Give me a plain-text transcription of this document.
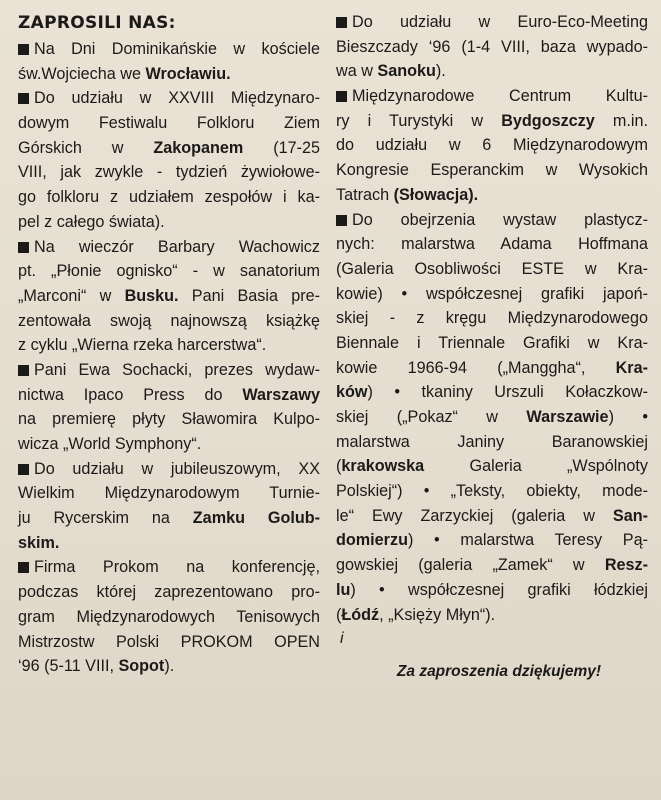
ZAPROSILI NAS:
Na Dni Dominikańskie w kościele
św.Wojciecha we Wrocławiu.
Do udziału w XXVIII Międzynaro-
dowym Festiwalu Folkloru Ziem
Górskich w Zakopanem (17-25
VIII, jak zwykle - tydzień żywiołowe-
go folkloru z udziałem zespołów i ka-
pel z całego świata).
Na wieczór Barbary Wachowicz
pt. „Płonie ognisko“ - w sanatorium
„Marconi“ w Busku. Pani Basia pre-
zentowała swoją najnowszą książkę
z cyklu „Wierna rzeka harcerstwa“.
Pani Ewa Sochacki, prezes wydaw-
nictwa Ipaco Press do Warszawy
na premierę płyty Sławomira Kulpo-
wicza „World Symphony“.
Do udziału w jubileuszowym, XX
Wielkim Międzynarodowym Turnie-
ju Rycerskim na Zamku Golub-
skim.
Firma Prokom na konferencję,
podczas której zaprezentowano pro-
gram Międzynarodowych Tenisowych
Mistrzostw Polski PROKOM OPEN
‘96 (5-11 VIII, Sopot).
Do udziału w Euro-Eco-Meeting
Bieszczady ‘96 (1-4 VIII, baza wypado-
wa w Sanoku).
Międzynarodowe Centrum Kultu-
ry i Turystyki w Bydgoszczy m.in.
do udziału w 6 Międzynarodowym
Kongresie Esperanckim w Wysokich
Tatrach (Słowacja).
Do obejrzenia wystaw plastycz-
nych: malarstwa Adama Hoffmana
(Galeria Osobliwości ESTE w Kra-
kowie) • współczesnej grafiki japoń-
skiej - z kręgu Międzynarodowego
Biennale i Triennale Grafiki w Kra-
kowie 1966-94 („Manggha“, Kra-
ków) • tkaniny Urszuli Kołaczkow-
skiej („Pokaz“ w Warszawie) •
malarstwa Janiny Baranowskiej
(krakowska Galeria „Wspólnoty
Polskiej“) • „Teksty, obiekty, mode-
le“ Ewy Zarzyckiej (galeria w San-
domierzu) • malarstwa Teresy Pą-
gowskiej (galeria „Zamek“ w Resz-
lu) • współczesnej grafiki łódzkiej
(Łódź, „Księży Młyn“).
i
Za zaproszenia dziękujemy!
